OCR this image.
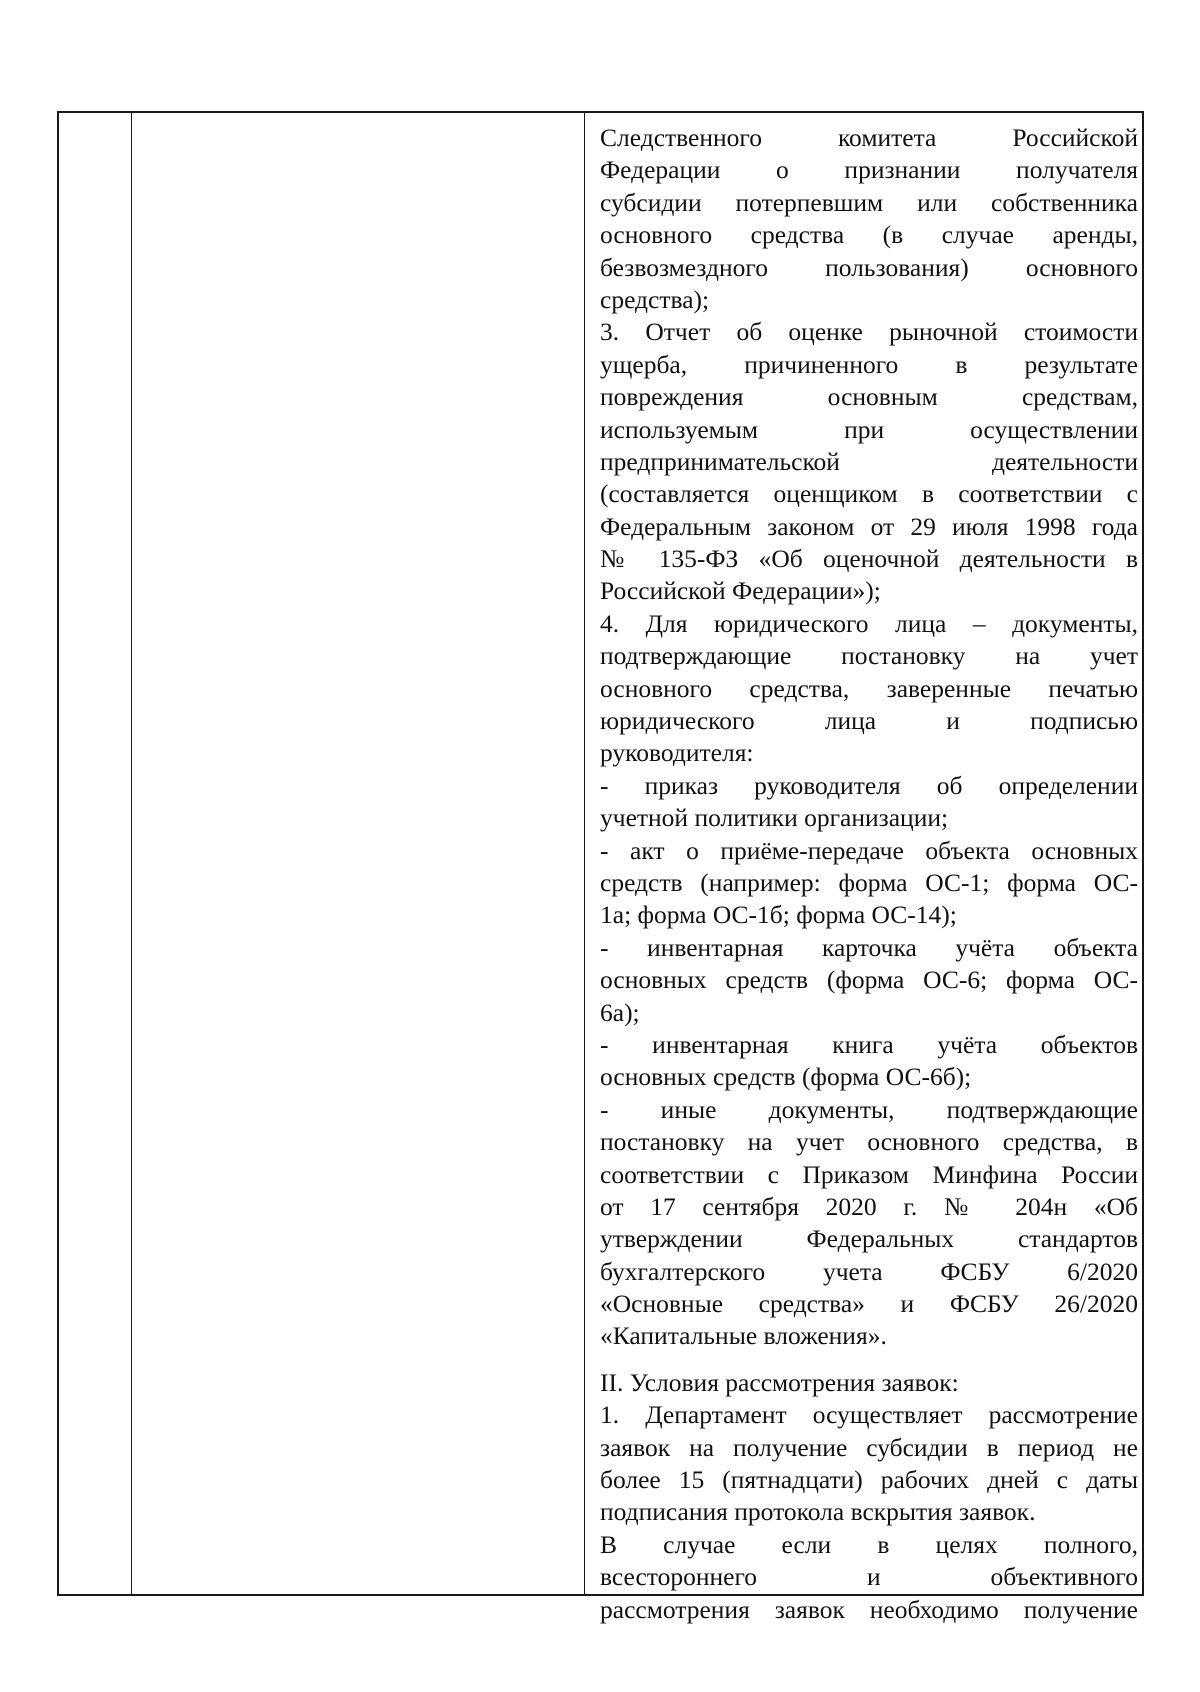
Следственного комитета Российской
Федерации о признании получателя
субсидии потерпевшим или собственника
основного средства (в случае аренды,
безвозмездного пользования) основного
средства);
3. Отчет об оценке рыночной стоимости
ущерба, причиненного в результате
повреждения основным средствам,
используемым при осуществлении
предпринимательской деятельности
(составляется оценщиком в соответствии с
Федеральным законом от 29 июля 1998 года
№ 135-ФЗ «Об оценочной деятельности в
Российской Федерации»);
4. Для юридического лица – документы,
подтверждающие постановку на учет
основного средства, заверенные печатью
юридического лица и подписью
руководителя:
- приказ руководителя об определении
учетной политики организации;
- акт о приёме-передаче объекта основных
средств (например: форма ОС-1; форма ОС-
1а; форма ОС-1б; форма ОС-14);
- инвентарная карточка учёта объекта
основных средств (форма ОС-6; форма ОС-
6а);
- инвентарная книга учёта объектов
основных средств (форма ОС-6б);
- иные документы, подтверждающие
постановку на учет основного средства, в
соответствии с Приказом Минфина России
от 17 сентября 2020 г. № 204н «Об
утверждении Федеральных стандартов
бухгалтерского учета ФСБУ 6/2020
«Основные средства» и ФСБУ 26/2020
«Капитальные вложения».
II. Условия рассмотрения заявок:
1. Департамент осуществляет рассмотрение
заявок на получение субсидии в период не
более 15 (пятнадцати) рабочих дней с даты
подписания протокола вскрытия заявок.
В случае если в целях полного,
всестороннего и объективного
рассмотрения заявок необходимо получение
